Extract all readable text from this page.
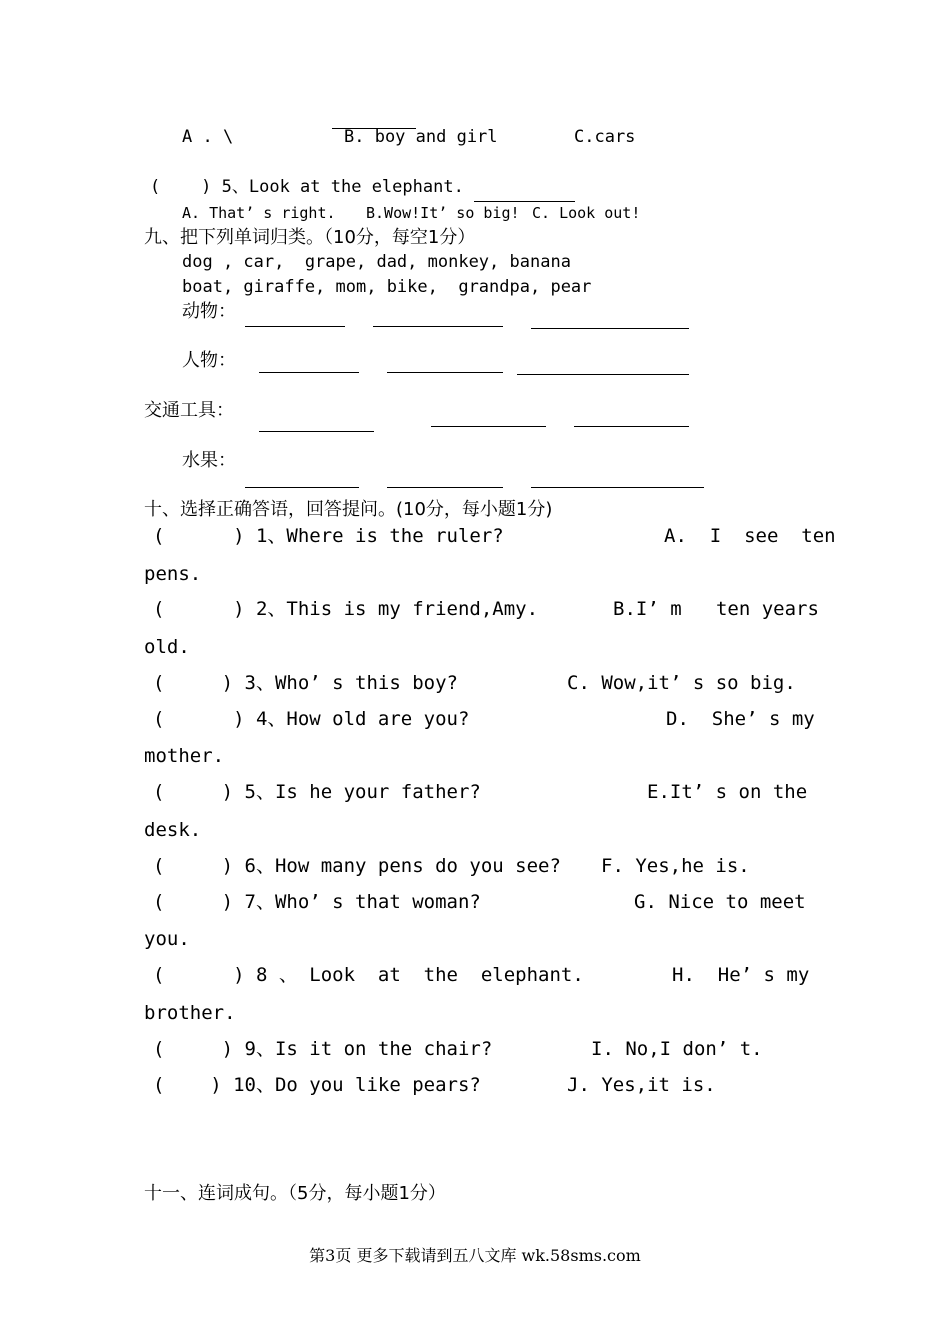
A . \	B. boy and girl	C.cars
(    ) 5、Look at the elephant.
A. That’ s right. B.Wow!It’ so big! C. Look out!
九、把下列单词归类。（10分，每空1分）
dog , car,  grape, dad, monkey, banana
boat, giraffe, mom, bike,  grandpa, pear
动物：
人物：
交通工具：
水果：
十、选择正确答语，回答提问。(10分，每小题1分)
(      ) 1、Where is the ruler?	A.  I  see  ten
pens.
(      ) 2、This is my friend,Amy.	B.I’ m   ten years
old.
(     ) 3、Who’ s this boy?	C. Wow,it’ s so big.
(      ) 4、How old are you?	D.  She’ s my
mother.
(     ) 5、Is he your father?	E.It’ s on the
desk.
(     ) 6、How many pens do you see? F. Yes,he is.
(     ) 7、Who’ s that woman?	G. Nice to meet
you.
(      ) 8 、 Look  at  the  elephant.	H.  He’ s my
brother.
(     ) 9、Is it on the chair?	I. No,I don’ t.
(    ) 10、Do you like pears?	J. Yes,it is.
十一、连词成句。（5分，每小题1分）
第3页 更多下载请到五八文库 wk.58sms.com
